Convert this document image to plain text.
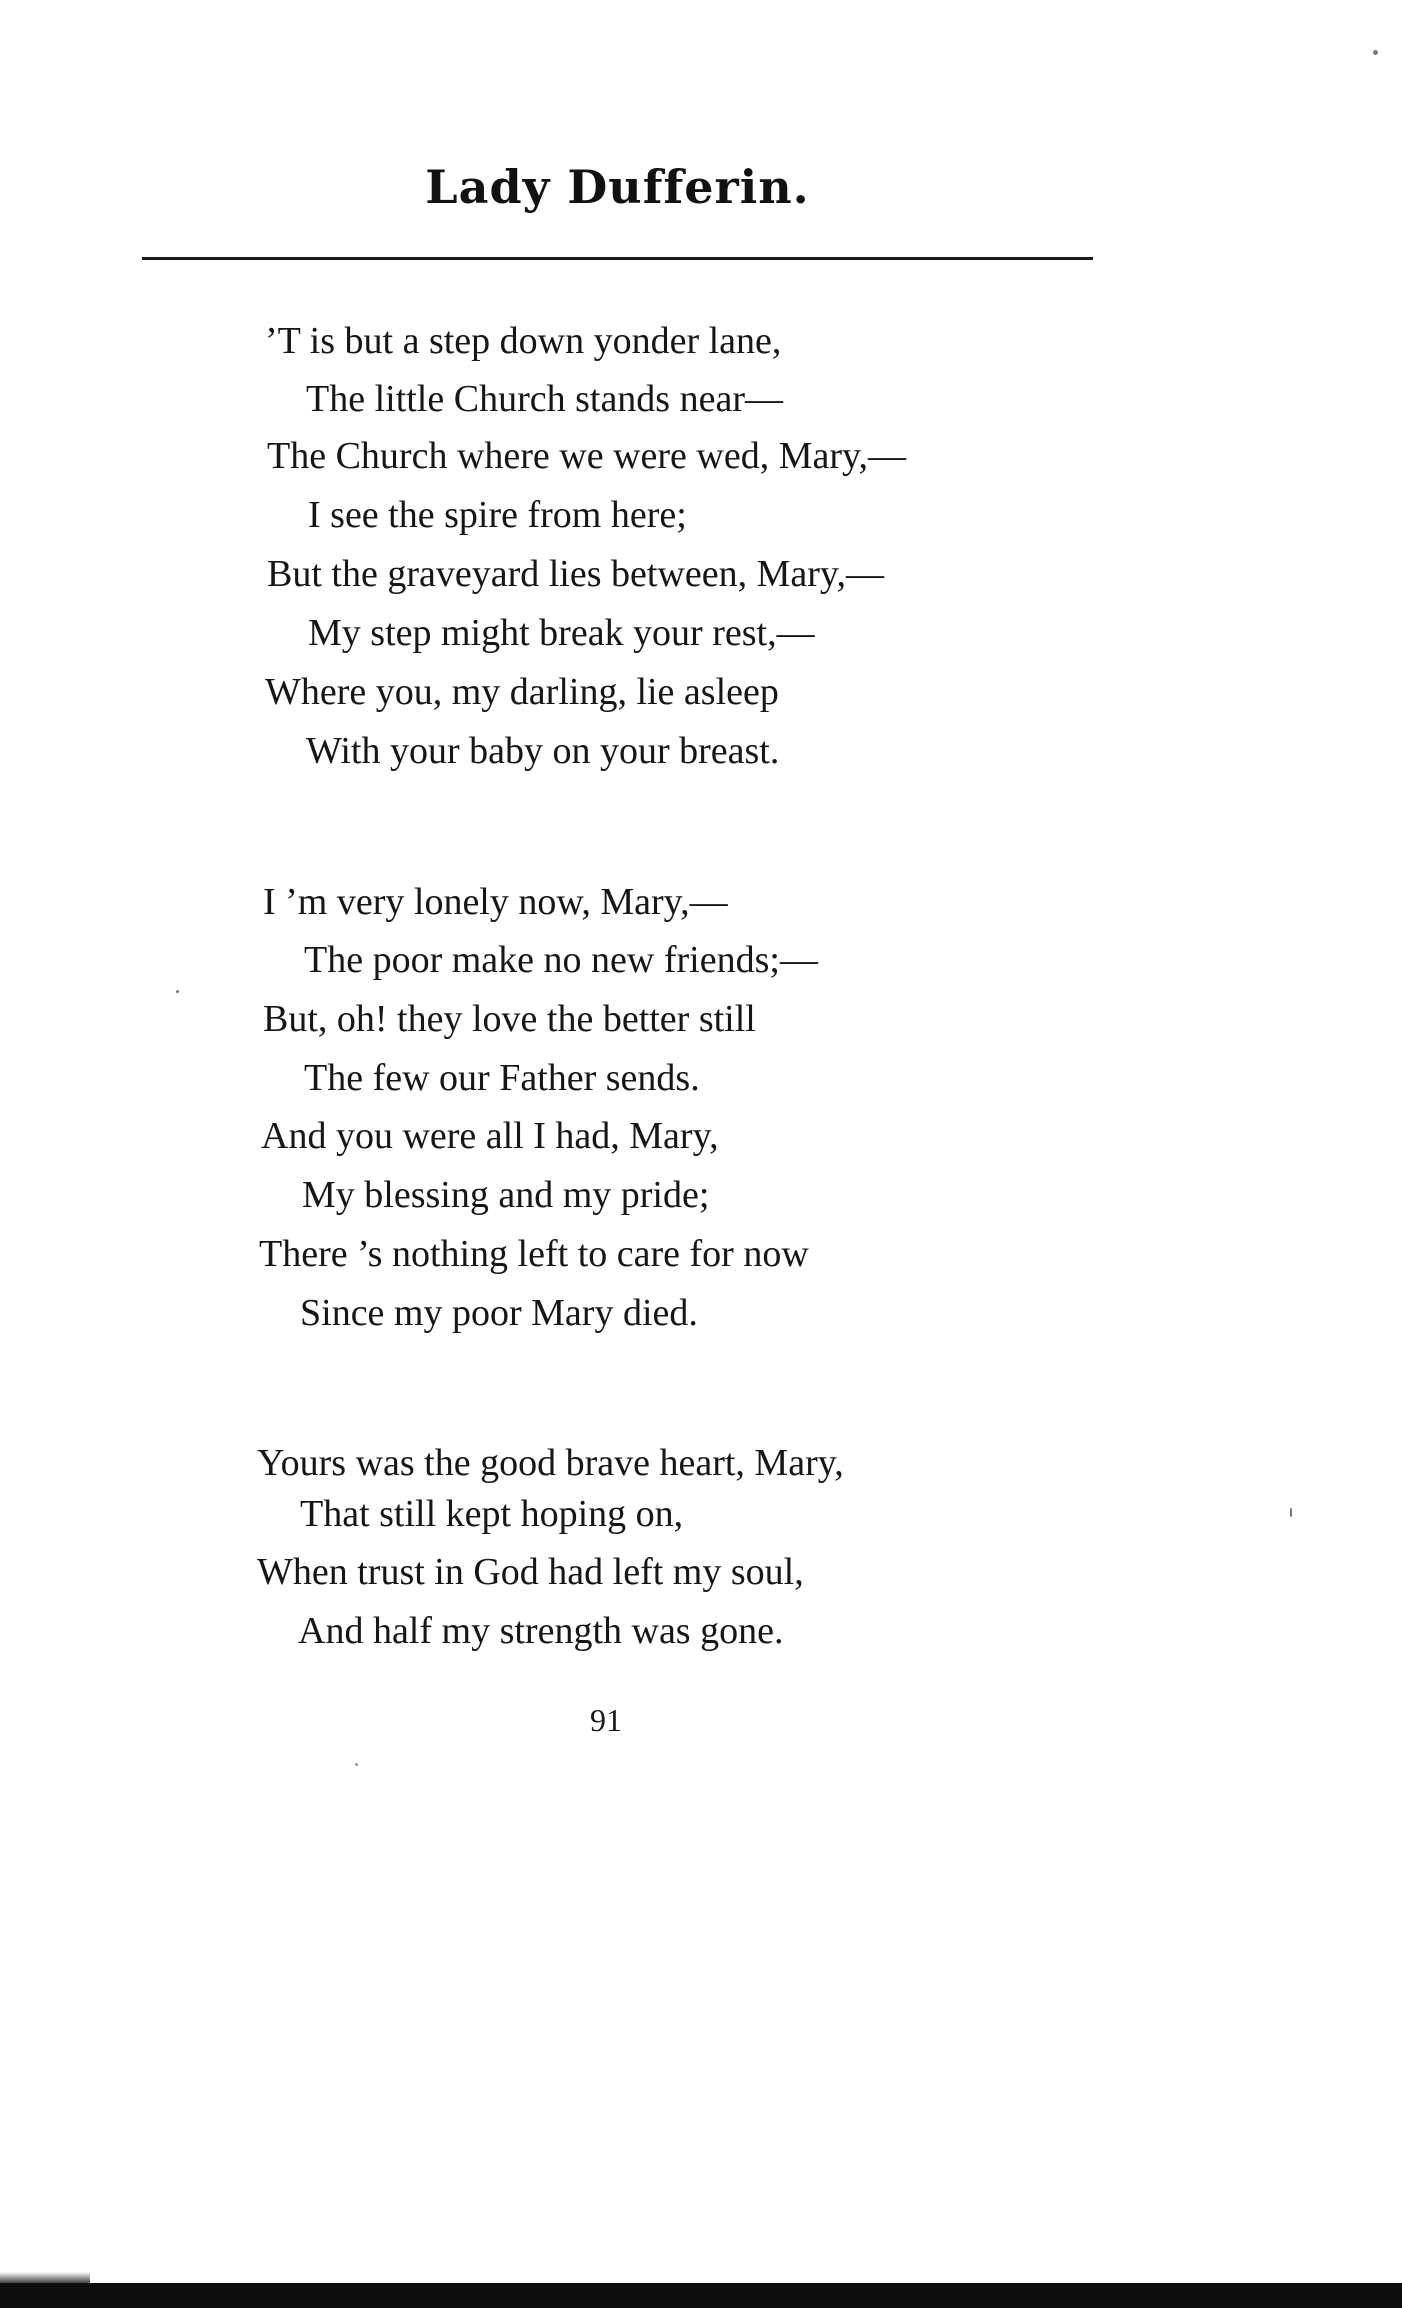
Lady Dufferin.
’T is but a step down yonder lane,
The little Church stands near—
The Church where we were wed, Mary,—
I see the spire from here;
But the graveyard lies between, Mary,—
My step might break your rest,—
Where you, my darling, lie asleep
With your baby on your breast.
I ’m very lonely now, Mary,—
The poor make no new friends;—
But, oh! they love the better still
The few our Father sends.
And you were all I had, Mary,
My blessing and my pride;
There ’s nothing left to care for now
Since my poor Mary died.
Yours was the good brave heart, Mary,
That still kept hoping on,
When trust in God had left my soul,
And half my strength was gone.
91
